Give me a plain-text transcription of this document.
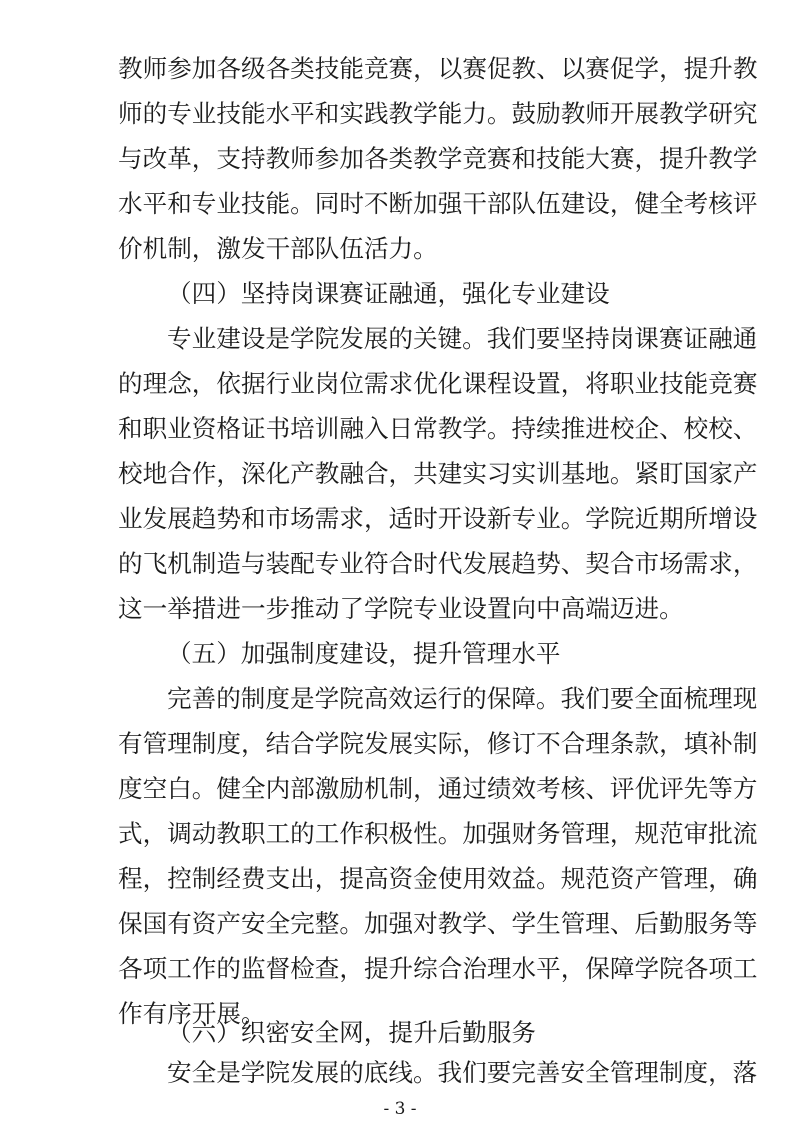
教师参加各级各类技能竞赛，以赛促教、以赛促学，提升教
师的专业技能水平和实践教学能力。鼓励教师开展教学研究
与改革，支持教师参加各类教学竞赛和技能大赛，提升教学
水平和专业技能。同时不断加强干部队伍建设，健全考核评
价机制，激发干部队伍活力。
（四）坚持岗课赛证融通，强化专业建设
专业建设是学院发展的关键。我们要坚持岗课赛证融通
的理念，依据行业岗位需求优化课程设置，将职业技能竞赛
和职业资格证书培训融入日常教学。持续推进校企、校校、
校地合作，深化产教融合，共建实习实训基地。紧盯国家产
业发展趋势和市场需求，适时开设新专业。学院近期所增设
的飞机制造与装配专业符合时代发展趋势、契合市场需求，
这一举措进一步推动了学院专业设置向中高端迈进。
（五）加强制度建设，提升管理水平
完善的制度是学院高效运行的保障。我们要全面梳理现
有管理制度，结合学院发展实际，修订不合理条款，填补制
度空白。健全内部激励机制，通过绩效考核、评优评先等方
式，调动教职工的工作积极性。加强财务管理，规范审批流
程，控制经费支出，提高资金使用效益。规范资产管理，确
保国有资产安全完整。加强对教学、学生管理、后勤服务等
各项工作的监督检查，提升综合治理水平，保障学院各项工
作有序开展。
（六）织密安全网，提升后勤服务
安全是学院发展的底线。我们要完善安全管理制度，落
- 3 -
